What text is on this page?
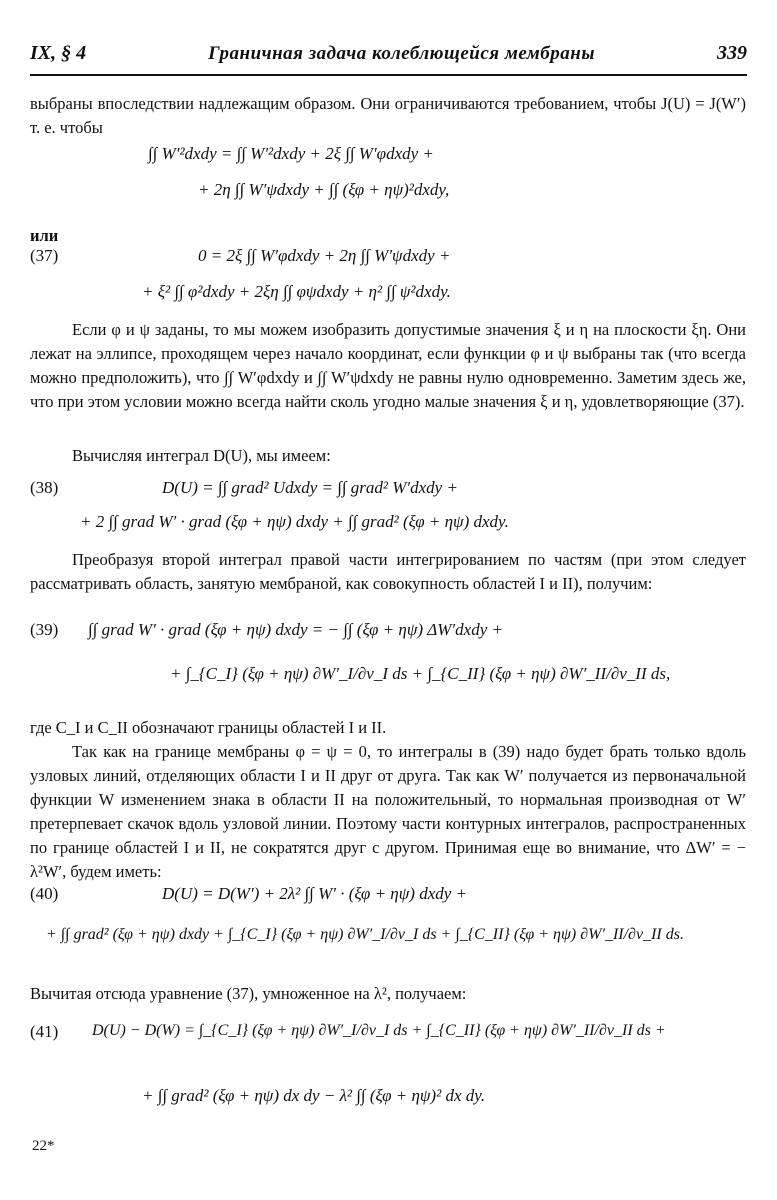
IX, § 4	Граничная задача колеблющейся мембраны	339
выбраны впоследствии надлежащим образом. Они ограничиваются требованием, чтобы J(U) = J(W′) т. е. чтобы
∫∫ W′²dxdy = ∫∫ W′²dxdy + 2ξ ∫∫ W′φdxdy +
+ 2η ∫∫ W′ψdxdy + ∫∫ (ξφ + ηψ)²dxdy,
или
(37)	0 = 2ξ ∫∫ W′φdxdy + 2η ∫∫ W′ψdxdy +
+ ξ² ∫∫ φ²dxdy + 2ξη ∫∫ φψdxdy + η² ∫∫ ψ²dxdy.
Если φ и ψ заданы, то мы можем изобразить допустимые значения ξ и η на плоскости ξη. Они лежат на эллипсе, проходящем через начало координат, если функции φ и ψ выбраны так (что всегда можно предположить), что ∫∫ W′φdxdy и ∫∫ W′ψdxdy не равны нулю одновременно. Заметим здесь же, что при этом условии можно всегда найти сколь угодно малые значения ξ и η, удовлетворяющие (37).
Вычисляя интеграл D(U), мы имеем:
(38)	D(U) = ∫∫ grad² Udxdy = ∫∫ grad² W′dxdy +
+ 2 ∫∫ grad W′ · grad (ξφ + ηψ) dxdy + ∫∫ grad² (ξφ + ηψ) dxdy.
Преобразуя второй интеграл правой части интегрированием по частям (при этом следует рассматривать область, занятую мембраной, как совокупность областей I и II), получим:
(39)	∫∫ grad W′ · grad (ξφ + ηψ) dxdy = − ∫∫ (ξφ + ηψ) ΔW′dxdy +
+ ∫_{C_I} (ξφ + ηψ) ∂W′_I/∂ν_I ds + ∫_{C_II} (ξφ + ηψ) ∂W′_II/∂ν_II ds,
где C_I и C_II обозначают границы областей I и II.
Так как на границе мембраны φ = ψ = 0, то интегралы в (39) надо будет брать только вдоль узловых линий, отделяющих области I и II друг от друга. Так как W′ получается из первоначальной функции W изменением знака в области II на положительный, то нормальная производная от W′ претерпевает скачок вдоль узловой линии. Поэтому части контурных интегралов, распространенных по границе областей I и II, не сократятся друг с другом. Принимая еще во внимание, что ΔW′ = − λ²W′, будем иметь:
(40)	D(U) = D(W′) + 2λ² ∫∫ W′ · (ξφ + ηψ) dxdy +
+ ∫∫ grad² (ξφ + ηψ) dxdy + ∫_{C_I} (ξφ + ηψ) ∂W′_I/∂ν_I ds + ∫_{C_II} (ξφ + ηψ) ∂W′_II/∂ν_II ds.
Вычитая отсюда уравнение (37), умноженное на λ², получаем:
(41)	D(U) − D(W) = ∫_{C_I} (ξφ + ηψ) ∂W′_I/∂ν_I ds + ∫_{C_II} (ξφ + ηψ) ∂W′_II/∂ν_II ds +
+ ∫∫ grad² (ξφ + ηψ) dx dy − λ² ∫∫ (ξφ + ηψ)² dx dy.
22*
